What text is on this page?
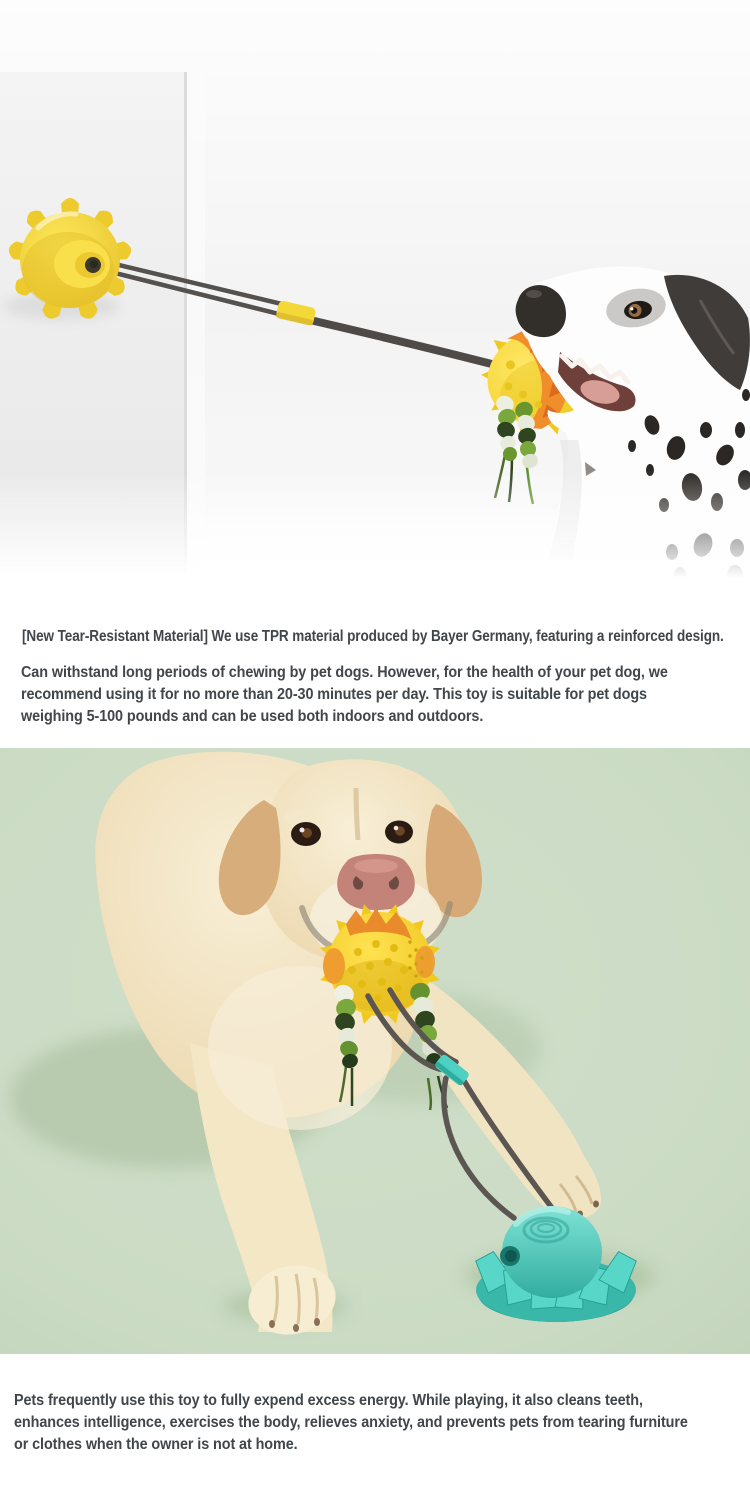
[New Tear-Resistant Material] We use TPR material produced by Bayer Germany, featuring a reinforced design.
Can withstand long periods of chewing by pet dogs. However, for the health of your pet dog, we
recommend using it for no more than 20-30 minutes per day. This toy is suitable for pet dogs
weighing 5-100 pounds and can be used both indoors and outdoors.
Pets frequently use this toy to fully expend excess energy. While playing, it also cleans teeth,
enhances intelligence, exercises the body, relieves anxiety, and prevents pets from tearing furniture
or clothes when the owner is not at home.
